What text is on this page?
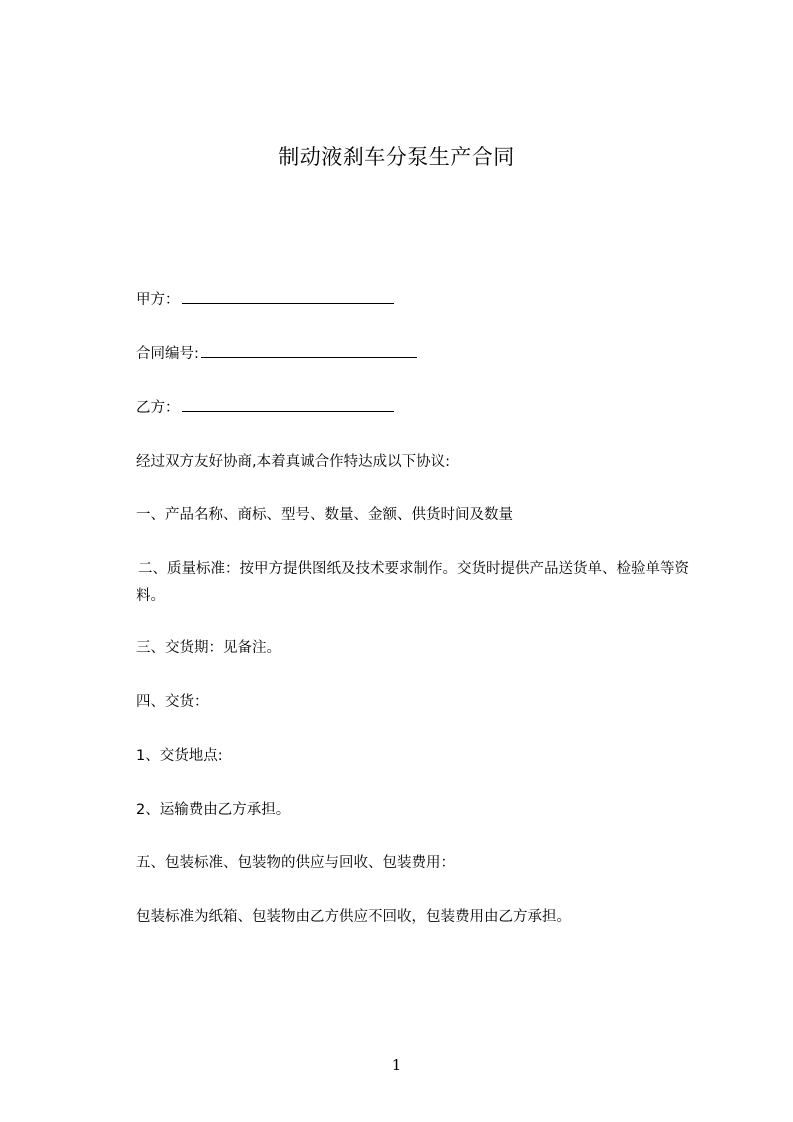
制动液刹车分泵生产合同
甲方：
合同编号:
乙方：
经过双方友好协商,本着真诚合作特达成以下协议:
一、产品名称、商标、型号、数量、金额、供货时间及数量
二、质量标准：按甲方提供图纸及技术要求制作。交货时提供产品送货单、检验单等资料。
三、交货期：见备注。
四、交货：
1、交货地点:
2、运输费由乙方承担。
五、包装标准、包装物的供应与回收、包装费用：
包装标准为纸箱、包装物由乙方供应不回收，包装费用由乙方承担。
1
